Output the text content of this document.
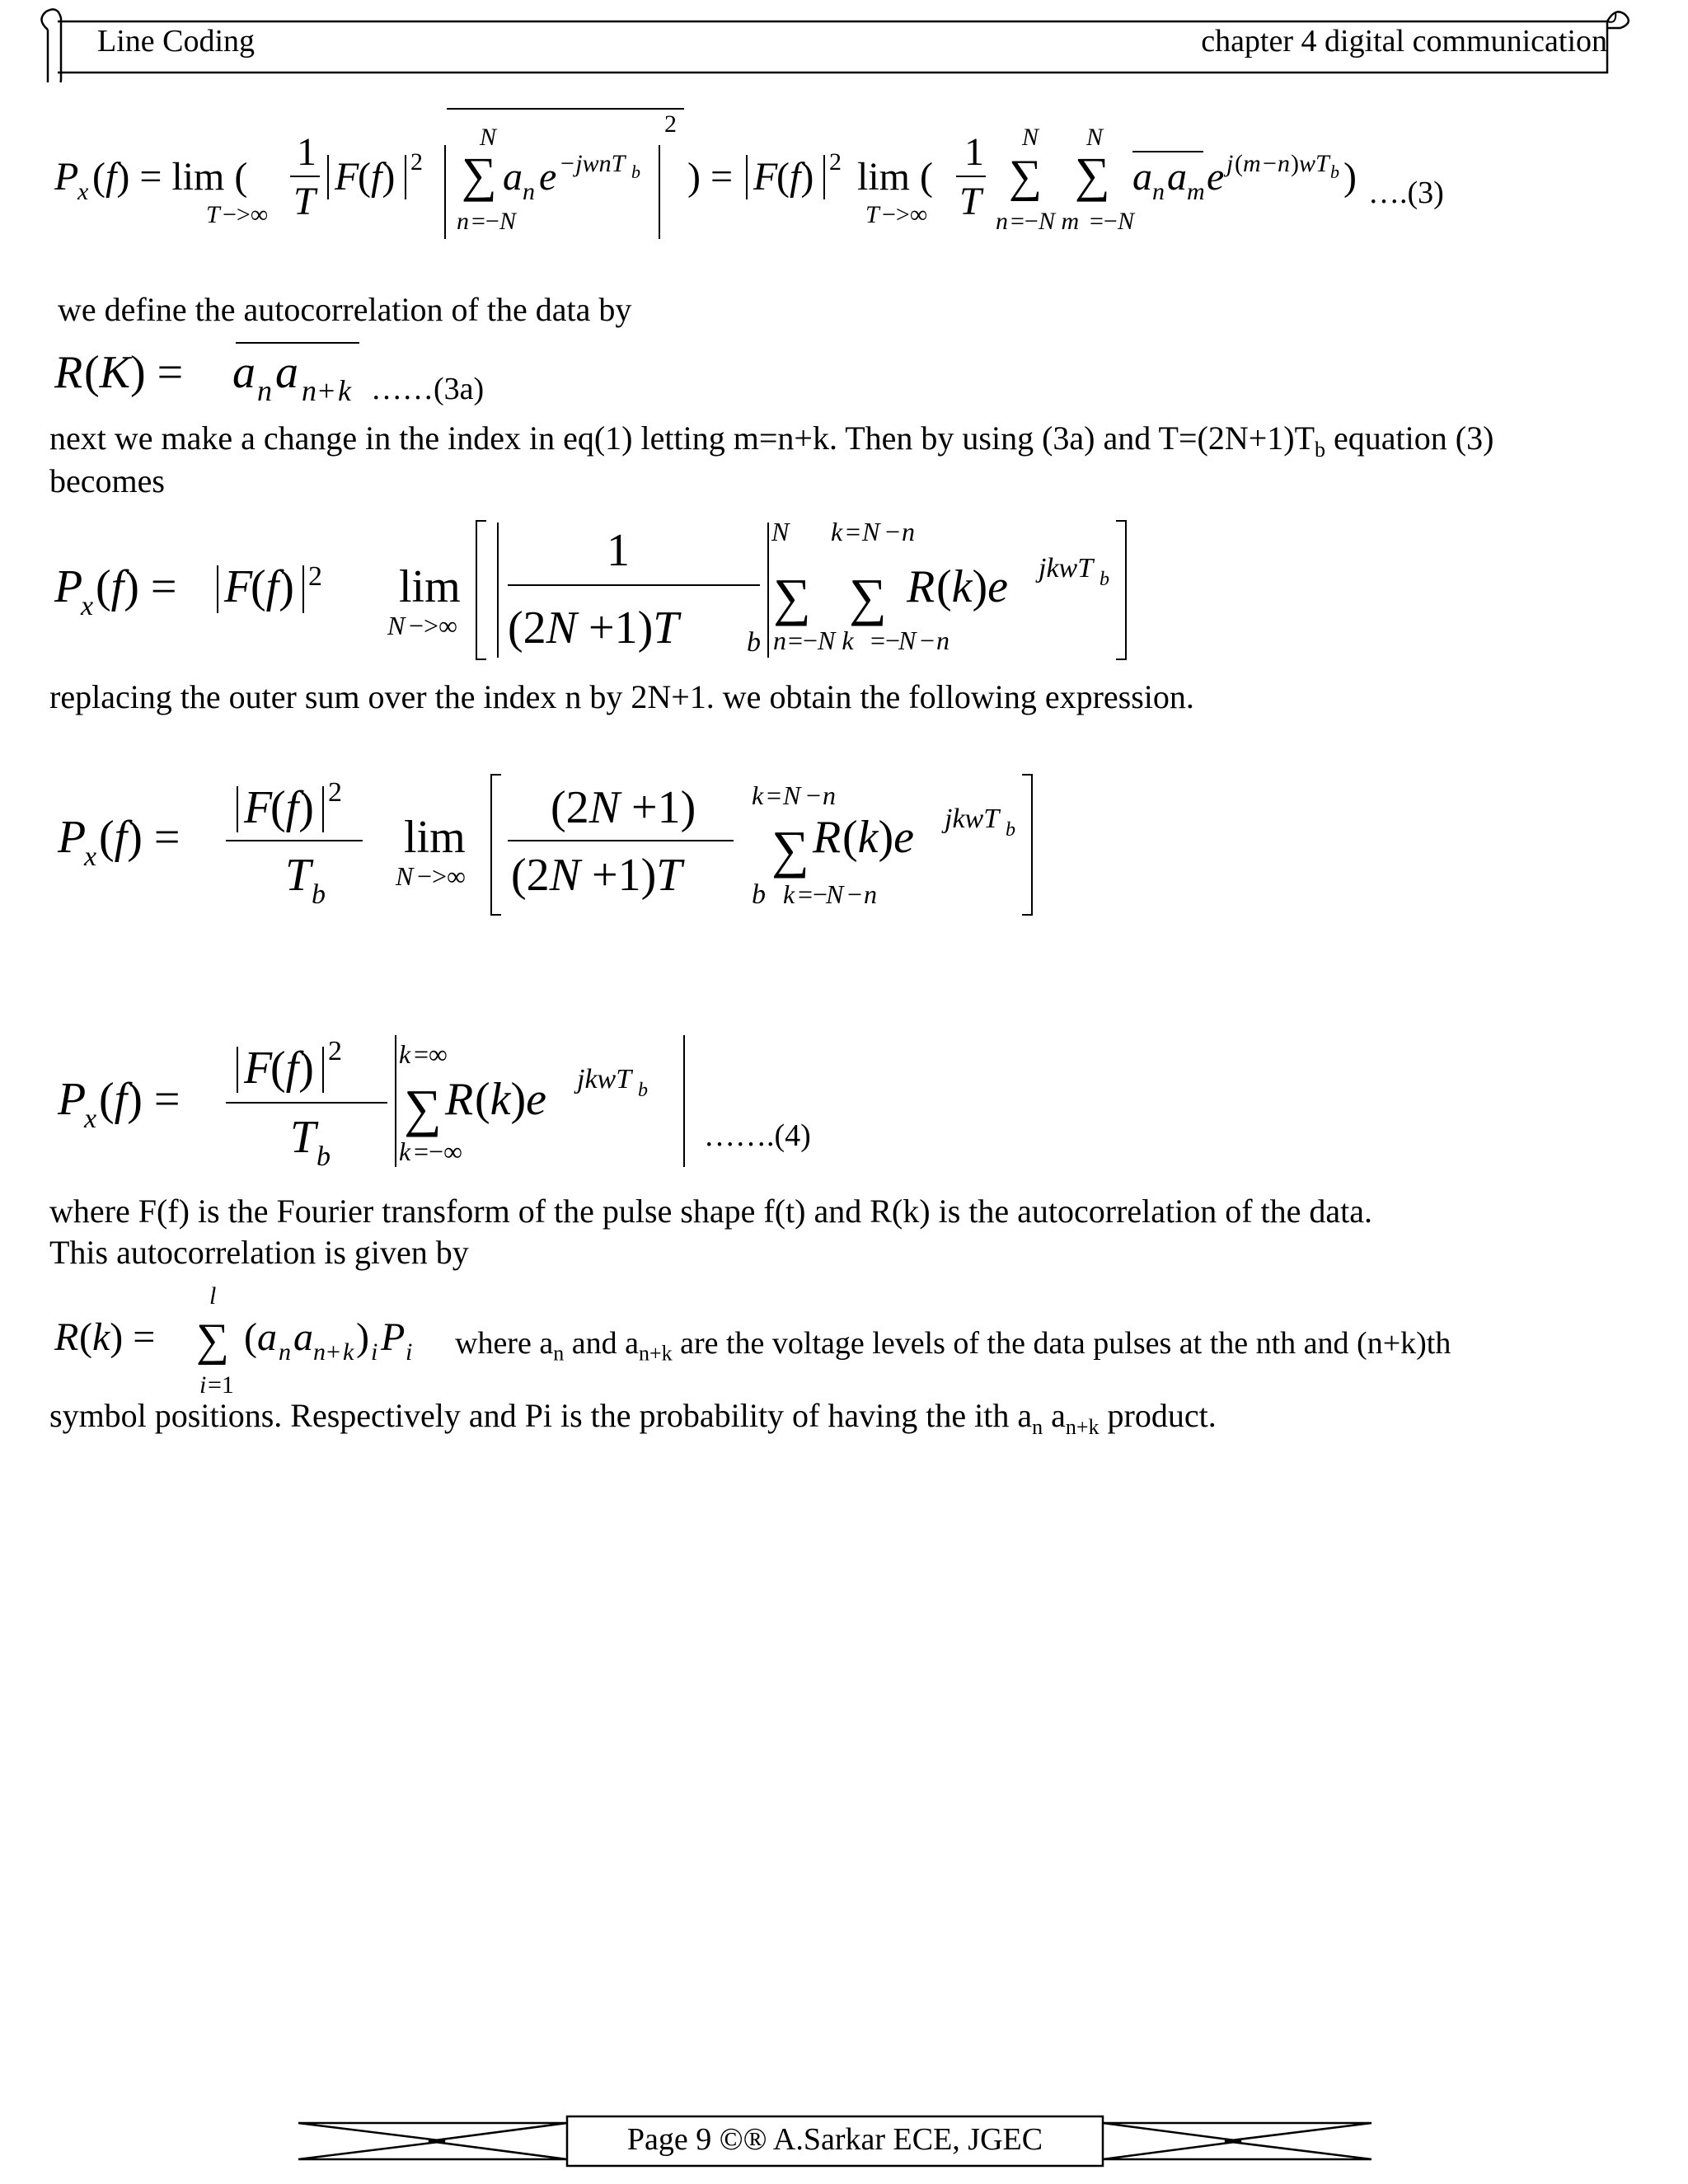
Line Coding	chapter 4 digital communication
P
x (f) = lim (
T −>∞
1
T
F
(f) 2
N
∑
n =− N
a n e −jwnT b
2
) = F
(f) 2 lim (
T −>∞
1
T
N
∑
N
∑
n =− N m =− N
a n a m e j ( m − n ) wT b ) ….(3)
we define the autocorrelation of the data by
R (K) = a n a n + k ……(3a)
next we make a change in the index in eq(1) letting m=n+k. Then by using (3a) and $T=(2N+1)T_b$ equation (3)
becomes
P
x (f) = F
(f) 2 lim
N −>∞
1
(2N +1)T b n =− N k =−
N − n
N
∑
k = N − n
∑ R (k)e jkwT b
replacing the outer sum over the index n by 2N+1. we obtain the following expression.
P
x (f) =
F
(f) 2
T b
lim
N −>∞
(2N +1)
(2N +1)T b
k = N − n
∑
k =−
N − n
R (k)e jkwT b
P
x (f) =
F
(f) 2
T b
k =∞
∑
k =−∞
R (k)e jkwT b
…….(4)
where F(f) is the Fourier transform of the pulse shape f(t) and R(k) is the autocorrelation of the data.
This autocorrelation is given by
l
R (k) = ∑
i =1
(a n a n + k ) i P i where $a_n$ and $a_{n+k}$ are the voltage levels of the data pulses at the nth and (n+k)th
symbol positions. Respectively and Pi is the probability of having the ith $a_n$ $a_{n+k}$ product.
Page 9 ©® A.Sarkar ECE, JGEC
